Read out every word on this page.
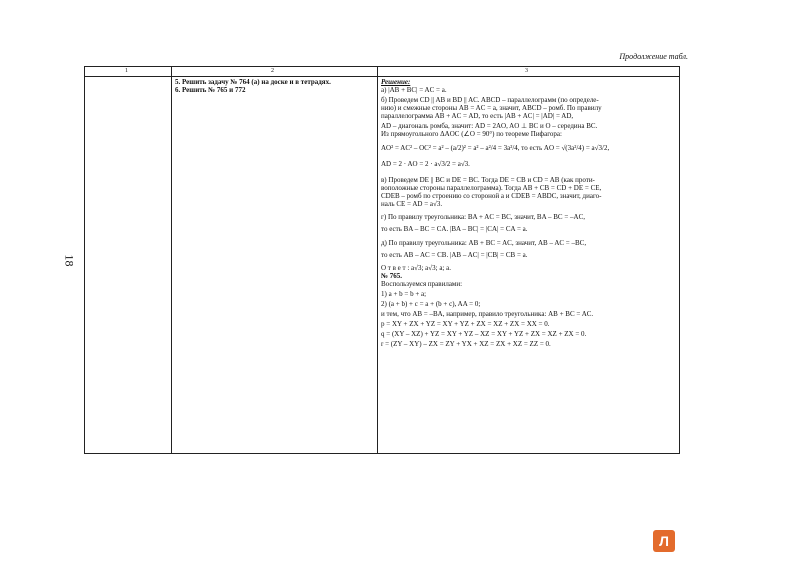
Продолжение табл.
18
1	2	3
5. Решить задачу № 764 (а) на доске и в тетрадях.
6. Решить № 765 и 772

Решение:

а) |AB + BC| = AC = a.

б) Проведем CD || AB и BD || AC. ABCD – параллелограмм (по определе-

нию) и смежные стороны AB = AC = a, значит, ABCD – ромб. По правилу

параллелограмма AB + AC = AD, то есть |AB + AC| = |AD| = AD,

AD – диагональ ромба, значит: AD = 2AO, AO ⊥ BC и O – середина BC.

Из прямоугольного ΔAOC (∠O = 90°) по теореме Пифагора:

AO² = AC² – OC² = a² – (a/2)² = a² – a²/4 = 3a²/4, то есть AO = √(3a²/4) = a√3/2,

AD = 2 · AO = 2 · a√3/2 = a√3.

в) Проведем DE || BC и DE = BC. Тогда DE = CB и CD = AB (как проти-

воположные стороны параллелограмма). Тогда AB + CB = CD + DE = CE,

CDEB – ромб по строению со стороной a и CDEB = ABDC, значит, диаго-

наль CE = AD = a√3.

г) По правилу треугольника: BA + AC = BC, значит, BA – BC = –AC,

то есть BA – BC = CA. |BA – BC| = |CA| = CA = a.

д) По правилу треугольника: AB + BC = AC, значит, AB – AC = –BC,

то есть AB – AC = CB. |AB – AC| = |CB| = CB = a.

О т в е т : a√3; a√3; a; a.

№ 765.

Воспользуемся правилами:

1) a + b = b + a;

2) (a + b) + c = a + (b + c), AA = 0;

и тем, что AB = –BA, например, правило треугольника: AB + BC = AC.

p = XY + ZX + YZ = XY + YZ + ZX = XZ + ZX = XX = 0.

q = (XY – XZ) + YZ = XY + YZ – XZ = XY + YZ + ZX = XZ + ZX = 0.

r = (ZY – XY) – ZX = ZY + YX + XZ = ZX + XZ = ZZ = 0.

Л
